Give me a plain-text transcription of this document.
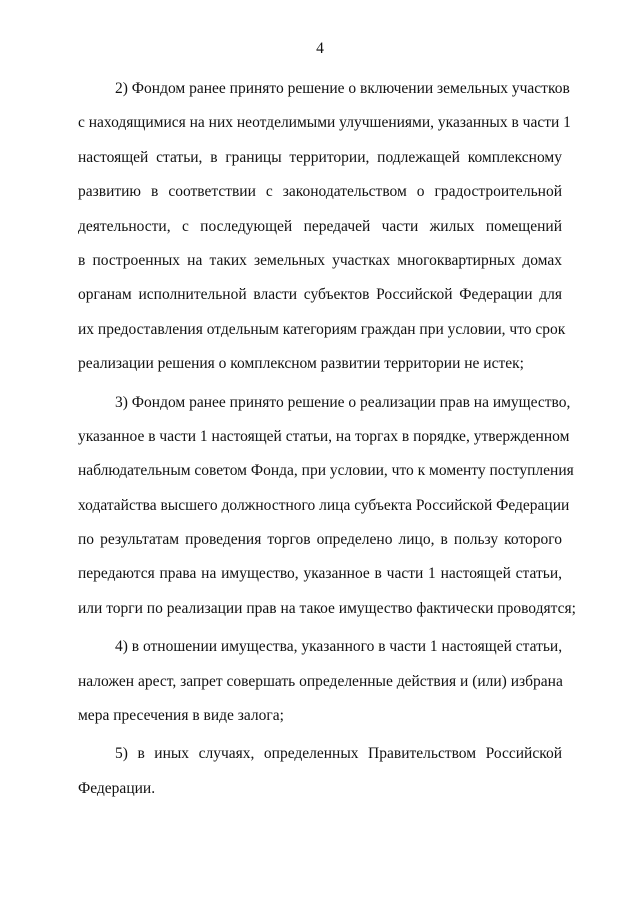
4
2) Фондом ранее принято решение о включении земельных участков
с находящимися на них неотделимыми улучшениями, указанных в части 1
настоящей статьи, в границы территории, подлежащей комплексному
развитию в соответствии с законодательством о градостроительной
деятельности, с последующей передачей части жилых помещений
в построенных на таких земельных участках многоквартирных домах
органам исполнительной власти субъектов Российской Федерации для
их предоставления отдельным категориям граждан при условии, что срок
реализации решения о комплексном развитии территории не истек;
3) Фондом ранее принято решение о реализации прав на имущество,
указанное в части 1 настоящей статьи, на торгах в порядке, утвержденном
наблюдательным советом Фонда, при условии, что к моменту поступления
ходатайства высшего должностного лица субъекта Российской Федерации
по результатам проведения торгов определено лицо, в пользу которого
передаются права на имущество, указанное в части 1 настоящей статьи,
или торги по реализации прав на такое имущество фактически проводятся;
4) в отношении имущества, указанного в части 1 настоящей статьи,
наложен арест, запрет совершать определенные действия и (или) избрана
мера пресечения в виде залога;
5) в иных случаях, определенных Правительством Российской
Федерации.
